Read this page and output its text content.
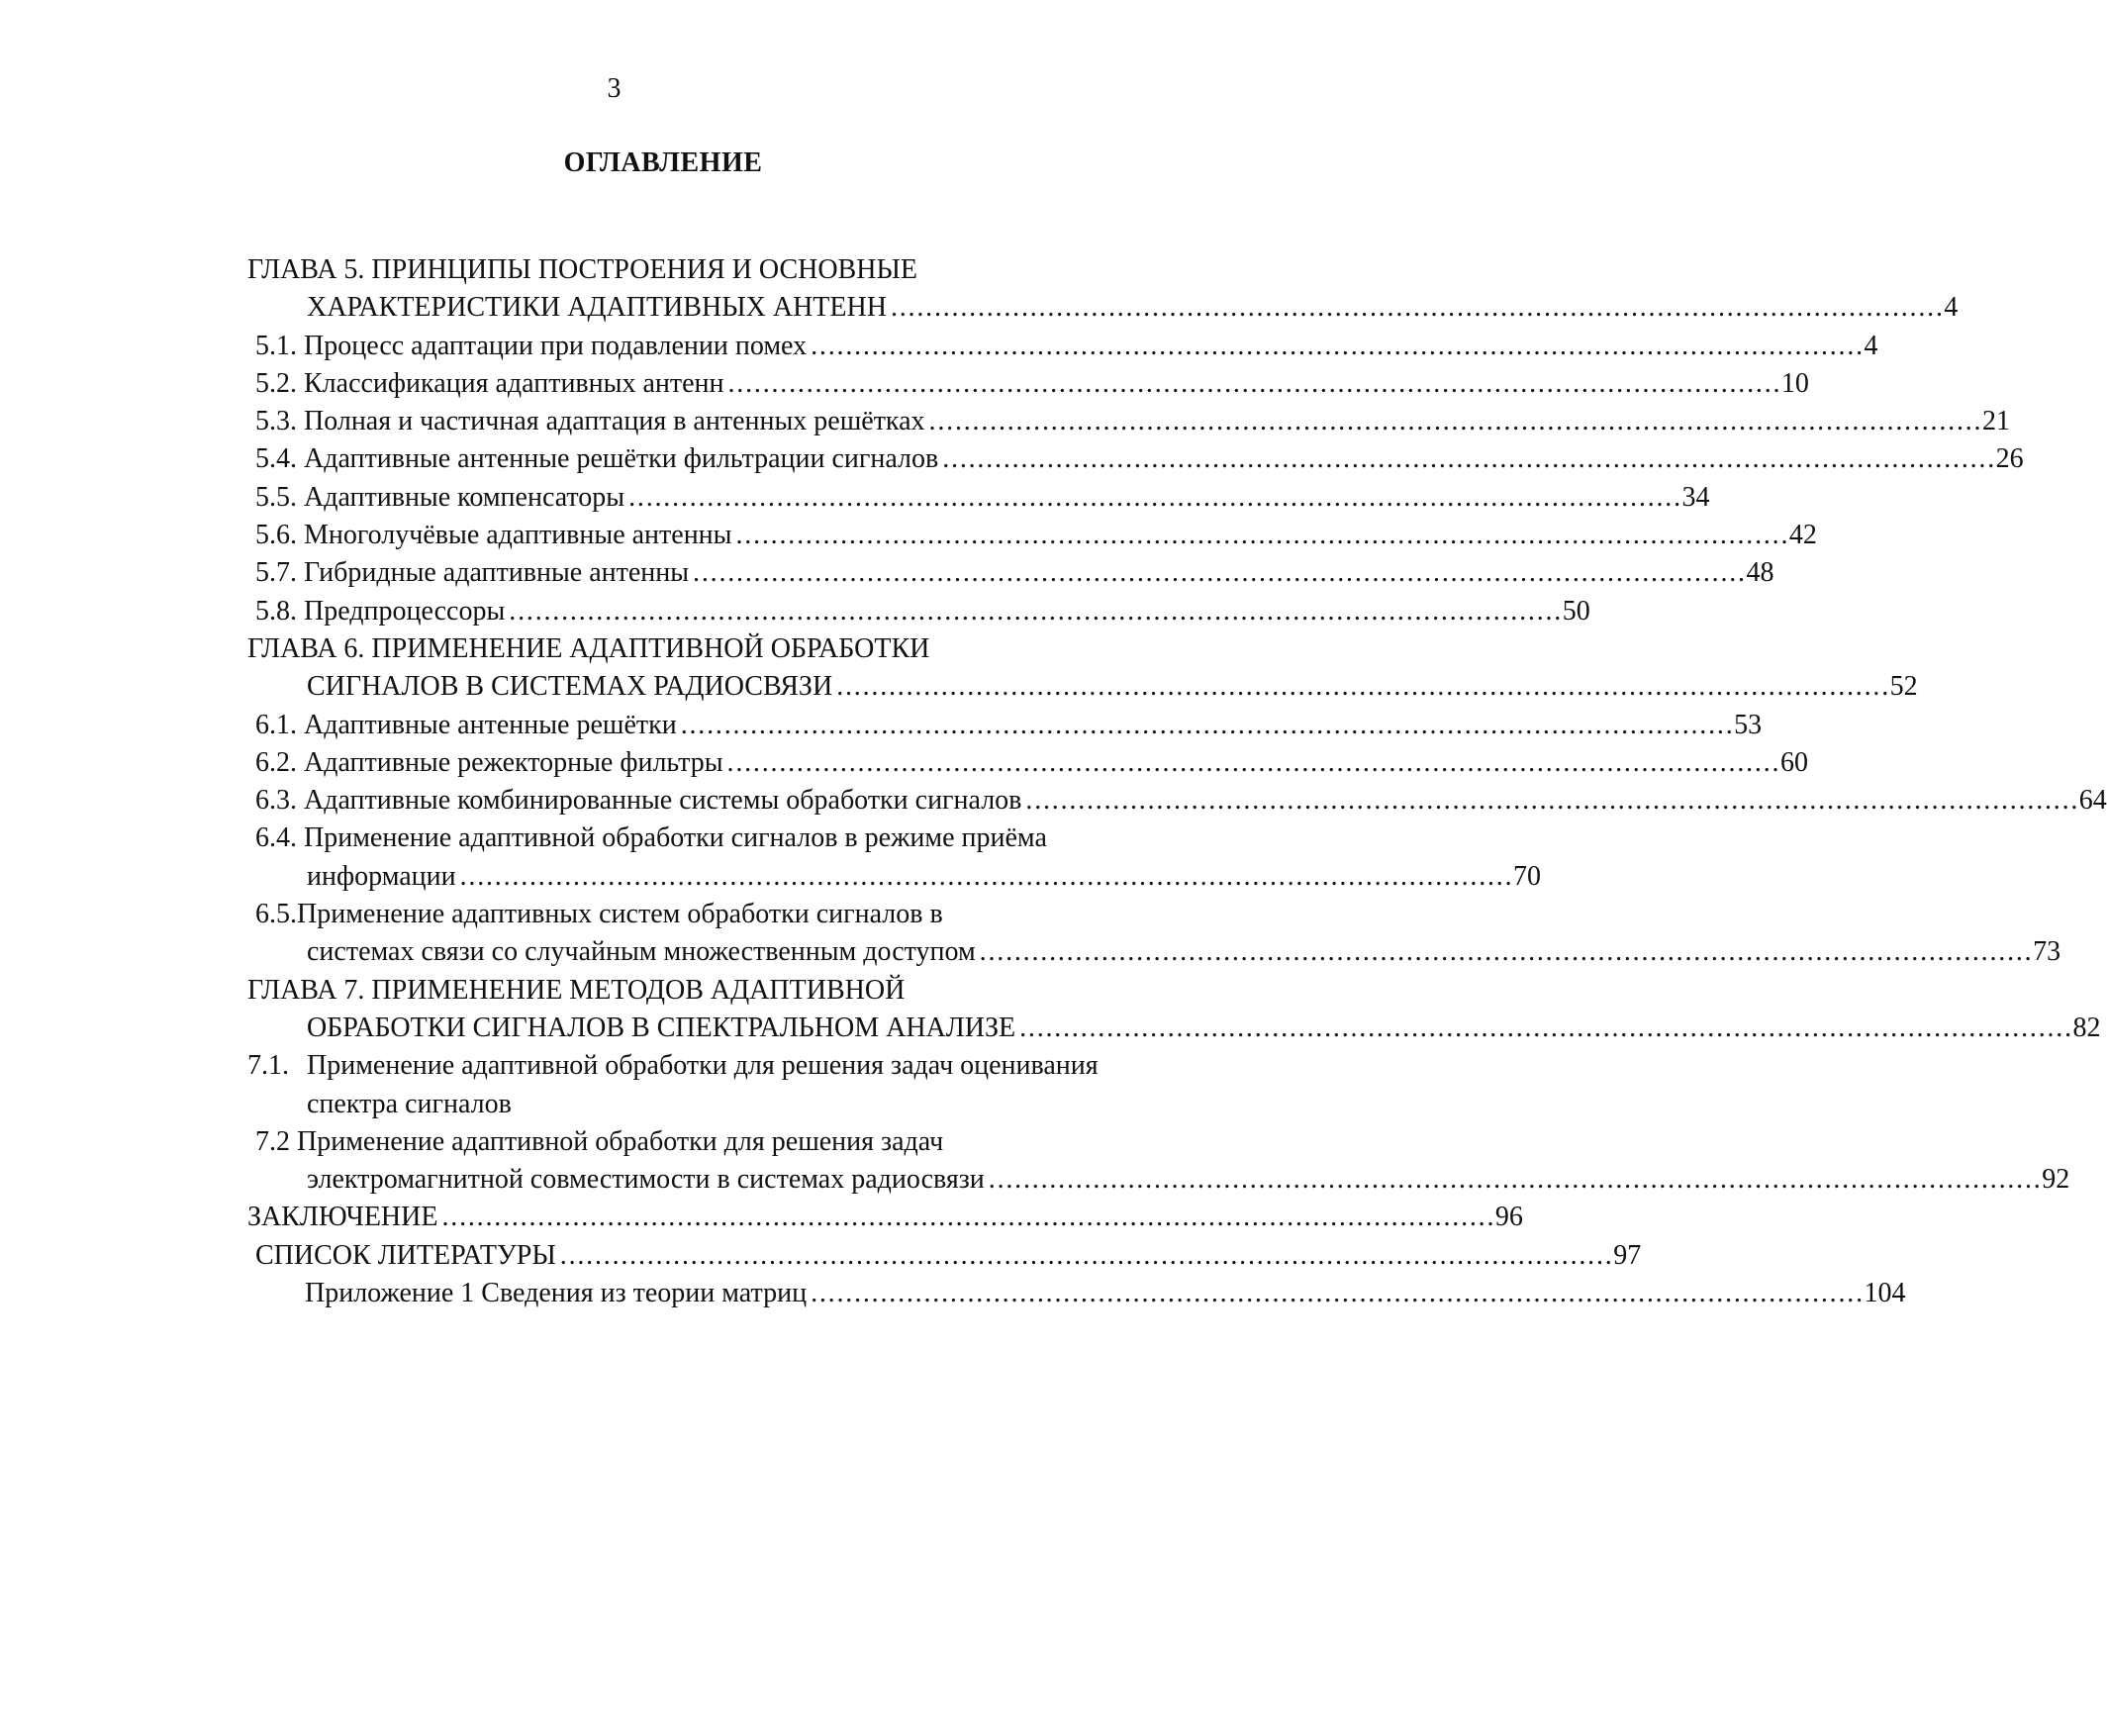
3
ОГЛАВЛЕНИЕ
ГЛАВА 5. ПРИНЦИПЫ ПОСТРОЕНИЯ И ОСНОВНЫЕ
ХАРАКТЕРИСТИКИ АДАПТИВНЫХ АНТЕНН . . .	4
5.1. Процесс адаптации при подавлении помех . . .	4
5.2. Классификация адаптивных антенн . . .	10
5.3. Полная и частичная адаптация в антенных решётках . . .	21
5.4. Адаптивные антенные решётки фильтрации сигналов . . .	26
5.5. Адаптивные компенсаторы . . .	34
5.6. Многолучёвые адаптивные антенны . . .	42
5.7. Гибридные адаптивные антенны . . .	48
5.8. Предпроцессоры . . .	50
ГЛАВА 6. ПРИМЕНЕНИЕ АДАПТИВНОЙ ОБРАБОТКИ
СИГНАЛОВ В СИСТЕМАХ РАДИОСВЯЗИ . . .	52
6.1. Адаптивные антенные решётки . . .	53
6.2. Адаптивные режекторные фильтры . . .	60
6.3. Адаптивные комбинированные системы обработки сигналов . . .	64
6.4. Применение адаптивной обработки сигналов в режиме приёма
информации . . .	70
6.5.Применение адаптивных систем обработки сигналов в
системах связи со случайным множественным доступом . . .	73
ГЛАВА 7. ПРИМЕНЕНИЕ МЕТОДОВ АДАПТИВНОЙ
ОБРАБОТКИ СИГНАЛОВ В СПЕКТРАЛЬНОМ АНАЛИЗЕ . . .	82
7.1. Применение адаптивной обработки для решения задач оценивания
спектра сигналов
7.2 Применение адаптивной обработки для решения задач
электромагнитной совместимости в системах радиосвязи . . .	92
ЗАКЛЮЧЕНИЕ . . .	96
СПИСОК ЛИТЕРАТУРЫ . . .	97
Приложение 1 Сведения из теории матриц . . .	104
